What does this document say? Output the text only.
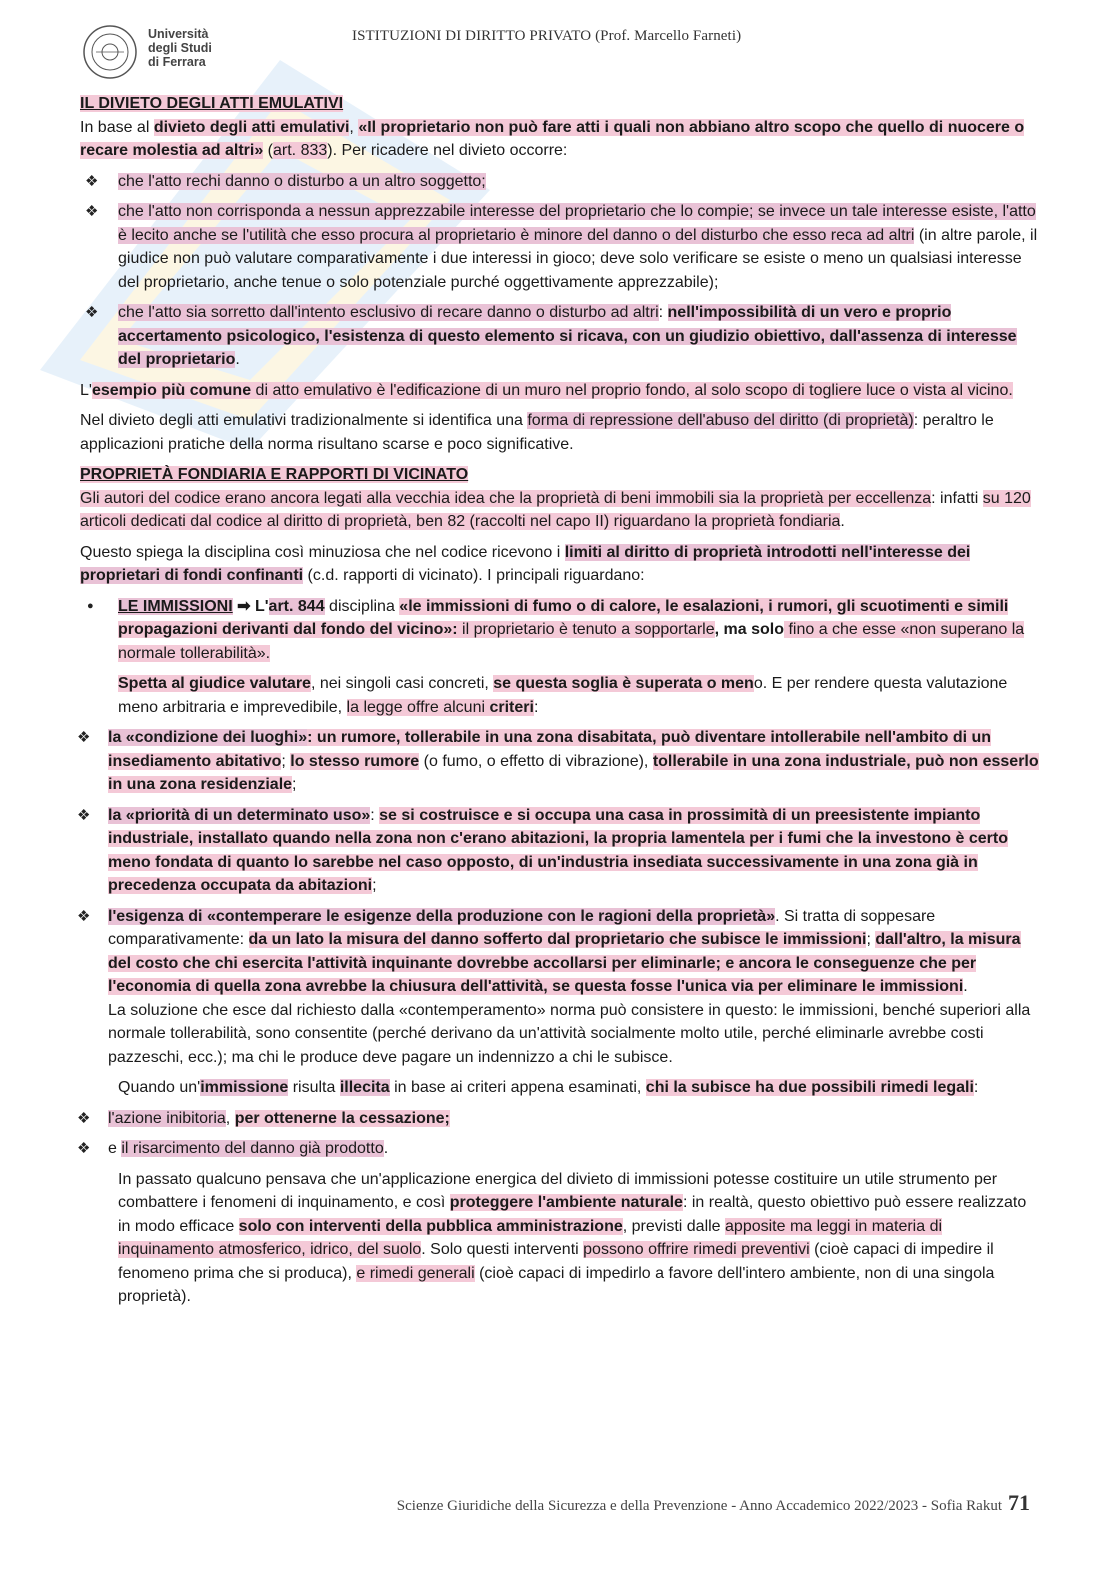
Università
degli Studi
di Ferrara
ISTITUZIONI DI DIRITTO PRIVATO (Prof. Marcello Farneti)
IL DIVIETO DEGLI ATTI EMULATIVI

In base al divieto degli atti emulativi, «Il proprietario non può fare atti i quali non abbiano altro scopo che quello di nuocere o recare molestia ad altri» (art. 833). Per ricadere nel divieto occorre:

❖ che l'atto rechi danno o disturbo a un altro soggetto;
❖ che l'atto non corrisponda a nessun apprezzabile interesse del proprietario che lo compie; se invece un tale interesse esiste, l'atto è lecito anche se l'utilità che esso procura al proprietario è minore del danno o del disturbo che esso reca ad altri (in altre parole, il giudice non può valutare comparativamente i due interessi in gioco; deve solo verificare se esiste o meno un qualsiasi interesse del proprietario, anche tenue o solo potenziale purché oggettivamente apprezzabile);
❖ che l'atto sia sorretto dall'intento esclusivo di recare danno o disturbo ad altri: nell'impossibilità di un vero e proprio accertamento psicologico, l'esistenza di questo elemento si ricava, con un giudizio obiettivo, dall'assenza di interesse del proprietario.

L'esempio più comune di atto emulativo è l'edificazione di un muro nel proprio fondo, al solo scopo di togliere luce o vista al vicino.

Nel divieto degli atti emulativi tradizionalmente si identifica una forma di repressione dell'abuso del diritto (di proprietà): peraltro le applicazioni pratiche della norma risultano scarse e poco significative.

PROPRIETÀ FONDIARIA E RAPPORTI DI VICINATO

Gli autori del codice erano ancora legati alla vecchia idea che la proprietà di beni immobili sia la proprietà per eccellenza: infatti su 120 articoli dedicati dal codice al diritto di proprietà, ben 82 (raccolti nel capo II) riguardano la proprietà fondiaria.

Questo spiega la disciplina così minuziosa che nel codice ricevono i limiti al diritto di proprietà introdotti nell'interesse dei proprietari di fondi confinanti (c.d. rapporti di vicinato). I principali riguardano:

● LE IMMISSIONI ➡ L'art. 844 disciplina «le immissioni di fumo o di calore, le esalazioni, i rumori, gli scuotimenti e simili propagazioni derivanti dal fondo del vicino»: il proprietario è tenuto a sopportarle, ma solo fino a che esse «non superano la normale tollerabilità».

Spetta al giudice valutare, nei singoli casi concreti, se questa soglia è superata o meno. E per rendere questa valutazione meno arbitraria e imprevedibile, la legge offre alcuni criteri:

❖ la «condizione dei luoghi»: un rumore, tollerabile in una zona disabitata, può diventare intollerabile nell'ambito di un insediamento abitativo; lo stesso rumore (o fumo, o effetto di vibrazione), tollerabile in una zona industriale, può non esserlo in una zona residenziale;
❖ la «priorità di un determinato uso»: se si costruisce e si occupa una casa in prossimità di un preesistente impianto industriale, installato quando nella zona non c'erano abitazioni, la propria lamentela per i fumi che la investono è certo meno fondata di quanto lo sarebbe nel caso opposto, di un'industria insediata successivamente in una zona già in precedenza occupata da abitazioni;
❖ l'esigenza di «contemperare le esigenze della produzione con le ragioni della proprietà». Si tratta di soppesare comparativamente: da un lato la misura del danno sofferto dal proprietario che subisce le immissioni; dall'altro, la misura del costo che chi esercita l'attività inquinante dovrebbe accollarsi per eliminarle; e ancora le conseguenze che per l'economia di quella zona avrebbe la chiusura dell'attività, se questa fosse l'unica via per eliminare le immissioni.
La soluzione che esce dal richiesto dalla «contemperamento» norma può consistere in questo: le immissioni, benché superiori alla normale tollerabilità, sono consentite (perché derivano da un'attività socialmente molto utile, perché eliminarle avrebbe costi pazzeschi, ecc.); ma chi le produce deve pagare un indennizzo a chi le subisce.

Quando un'immissione risulta illecita in base ai criteri appena esaminati, chi la subisce ha due possibili rimedi legali:

❖ l'azione inibitoria, per ottenerne la cessazione;
❖ e il risarcimento del danno già prodotto.

In passato qualcuno pensava che un'applicazione energica del divieto di immissioni potesse costituire un utile strumento per combattere i fenomeni di inquinamento, e così proteggere l'ambiente naturale: in realtà, questo obiettivo può essere realizzato in modo efficace solo con interventi della pubblica amministrazione, previsti dalle apposite ma leggi in materia di inquinamento atmosferico, idrico, del suolo. Solo questi interventi possono offrire rimedi preventivi (cioè capaci di impedire il fenomeno prima che si produca), e rimedi generali (cioè capaci di impedirlo a favore dell'intero ambiente, non di una singola proprietà).

Scienze Giuridiche della Sicurezza e della Prevenzione - Anno Accademico 2022/2023 - Sofia Rakut 71
